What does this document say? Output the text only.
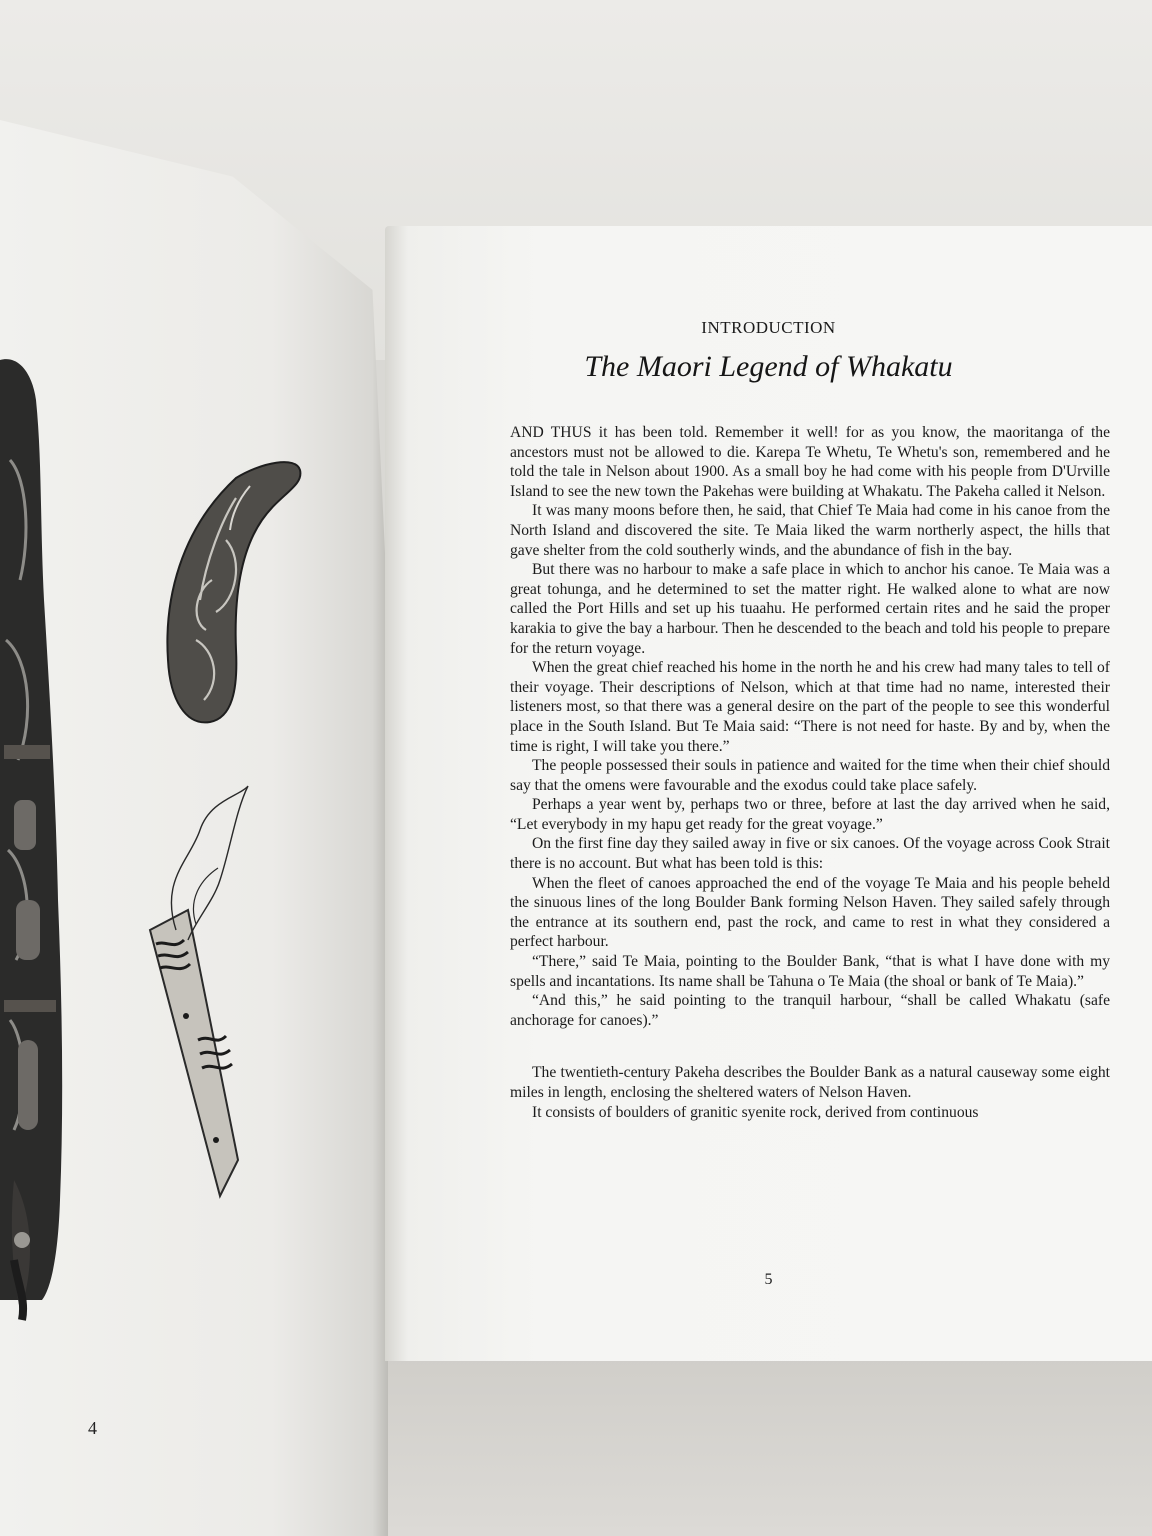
4
INTRODUCTION
The Maori Legend of Whakatu

AND THUS it has been told. Remember it well! for as you know, the maoritanga of the ancestors must not be allowed to die. Karepa Te Whetu, Te Whetu's son, remembered and he told the tale in Nelson about 1900. As a small boy he had come with his people from D'Urville Island to see the new town the Pakehas were building at Whakatu. The Pakeha called it Nelson.

It was many moons before then, he said, that Chief Te Maia had come in his canoe from the North Island and discovered the site. Te Maia liked the warm northerly aspect, the hills that gave shelter from the cold southerly winds, and the abundance of fish in the bay.

But there was no harbour to make a safe place in which to anchor his canoe. Te Maia was a great tohunga, and he determined to set the matter right. He walked alone to what are now called the Port Hills and set up his tuaahu. He performed certain rites and he said the proper karakia to give the bay a harbour. Then he descended to the beach and told his people to prepare for the return voyage.

When the great chief reached his home in the north he and his crew had many tales to tell of their voyage. Their descriptions of Nelson, which at that time had no name, interested their listeners most, so that there was a general desire on the part of the people to see this wonderful place in the South Island. But Te Maia said: “There is not need for haste. By and by, when the time is right, I will take you there.”

The people possessed their souls in patience and waited for the time when their chief should say that the omens were favourable and the exodus could take place safely.

Perhaps a year went by, perhaps two or three, before at last the day arrived when he said, “Let everybody in my hapu get ready for the great voyage.”

On the first fine day they sailed away in five or six canoes. Of the voyage across Cook Strait there is no account. But what has been told is this:

When the fleet of canoes approached the end of the voyage Te Maia and his people beheld the sinuous lines of the long Boulder Bank forming Nelson Haven. They sailed safely through the entrance at its southern end, past the rock, and came to rest in what they considered a perfect harbour.

“There,” said Te Maia, pointing to the Boulder Bank, “that is what I have done with my spells and incantations. Its name shall be Tahuna o Te Maia (the shoal or bank of Te Maia).”

“And this,” he said pointing to the tranquil harbour, “shall be called Whakatu (safe anchorage for canoes).”

The twentieth-century Pakeha describes the Boulder Bank as a natural causeway some eight miles in length, enclosing the sheltered waters of Nelson Haven.

It consists of boulders of granitic syenite rock, derived from continuous

5
